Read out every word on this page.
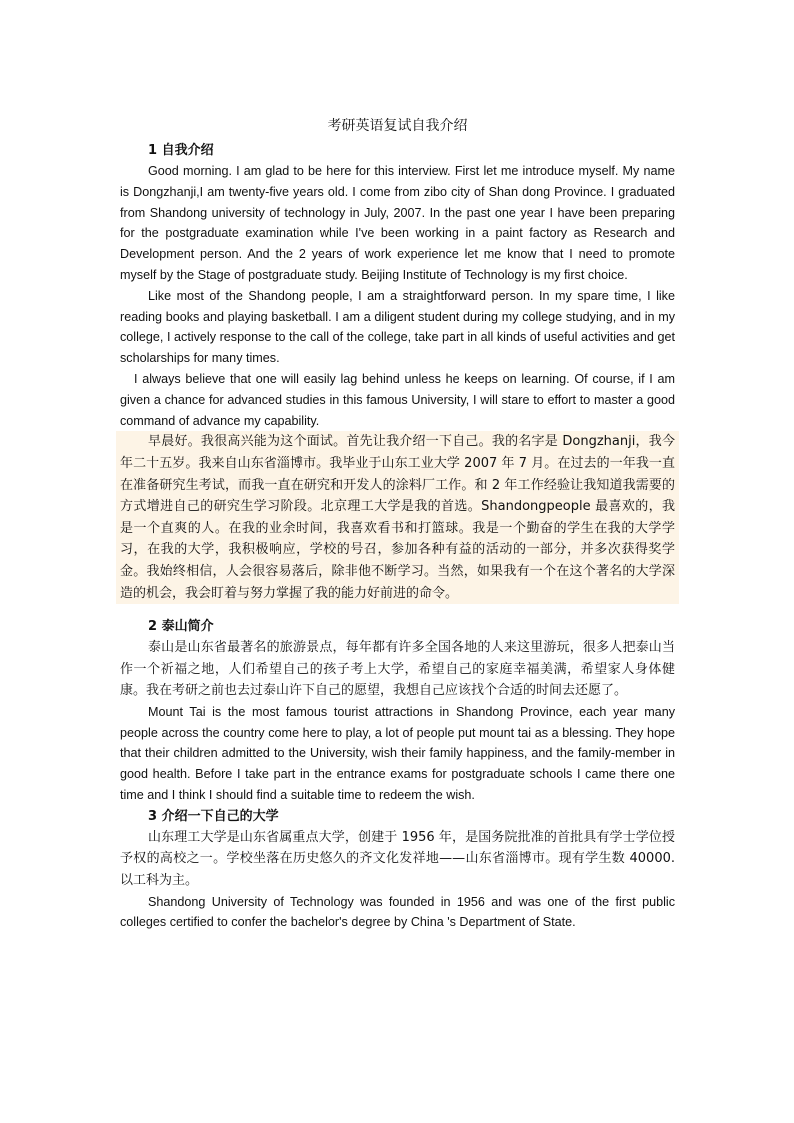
考研英语复试自我介绍

1 自我介绍

Good morning. I am glad to be here for this interview. First let me introduce myself. My name is Dongzhanji,I am twenty-five years old. I come from zibo city of Shan dong Province. I graduated from Shandong university of technology in July, 2007. In the past one year I have been preparing for the postgraduate examination while I've been working in a paint factory as Research and Development person. And the 2 years of work experience let me know that I need to promote myself by the Stage of postgraduate study. Beijing Institute of Technology is my first choice.

Like most of the Shandong people, I am a straightforward person. In my spare time, I like reading books and playing basketball. I am a diligent student during my college studying, and in my college, I actively response to the call of the college, take part in all kinds of useful activities and get scholarships for many times.

I always believe that one will easily lag behind unless he keeps on learning. Of course, if I am given a chance for advanced studies in this famous University, I will stare to effort to master a good command of advance my capability.

早晨好。我很高兴能为这个面试。首先让我介绍一下自己。我的名字是 Dongzhanji，我今年二十五岁。我来自山东省淄博市。我毕业于山东工业大学 2007 年 7 月。在过去的一年我一直在准备研究生考试，而我一直在研究和开发人的涂料厂工作。和 2 年工作经验让我知道我需要的方式增进自己的研究生学习阶段。北京理工大学是我的首选。Shandongpeople 最喜欢的，我是一个直爽的人。在我的业余时间，我喜欢看书和打篮球。我是一个勤奋的学生在我的大学学习，在我的大学，我积极响应，学校的号召，参加各种有益的活动的一部分，并多次获得奖学金。我始终相信，人会很容易落后，除非他不断学习。当然，如果我有一个在这个著名的大学深造的机会，我会盯着与努力掌握了我的能力好前进的命令。

2 泰山简介

泰山是山东省最著名的旅游景点，每年都有许多全国各地的人来这里游玩，很多人把泰山当作一个祈福之地，人们希望自己的孩子考上大学，希望自己的家庭幸福美满，希望家人身体健康。我在考研之前也去过泰山许下自己的愿望，我想自己应该找个合适的时间去还愿了。

Mount Tai is the most famous tourist attractions in Shandong Province, each year many people across the country come here to play, a lot of people put mount tai as a blessing. They hope that their children admitted to the University, wish their family happiness, and the family-member in good health. Before I take part in the entrance exams for postgraduate schools I came there one time and I think I should find a suitable time to redeem the wish.

3 介绍一下自己的大学

山东理工大学是山东省属重点大学，创建于 1956 年，是国务院批准的首批具有学士学位授予权的高校之一。学校坐落在历史悠久的齐文化发祥地——山东省淄博市。现有学生数 40000. 以工科为主。

Shandong University of Technology was founded in 1956 and was one of the first public colleges certified to confer the bachelor's degree by China 's Department of State.
